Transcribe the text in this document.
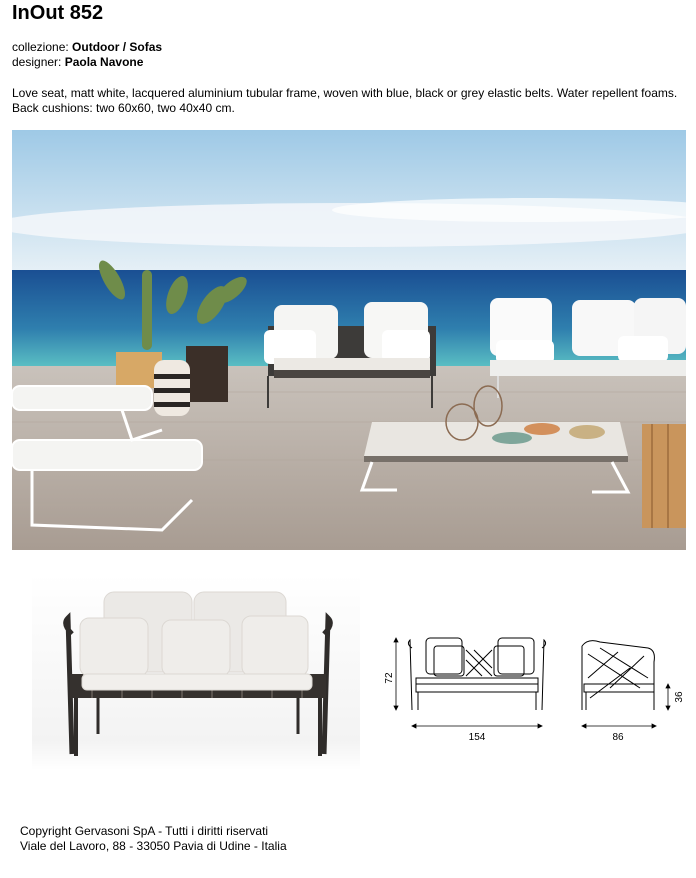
InOut 852
collezione: Outdoor / Sofas
designer: Paola Navone
Love seat, matt white, lacquered aluminium tubular frame, woven with blue, black or grey elastic belts. Water repellent foams. Back cushions: two 60x60, two 40x40 cm.
154
72
86
36
Copyright Gervasoni SpA - Tutti i diritti riservati
Viale del Lavoro, 88 - 33050 Pavia di Udine - Italia
